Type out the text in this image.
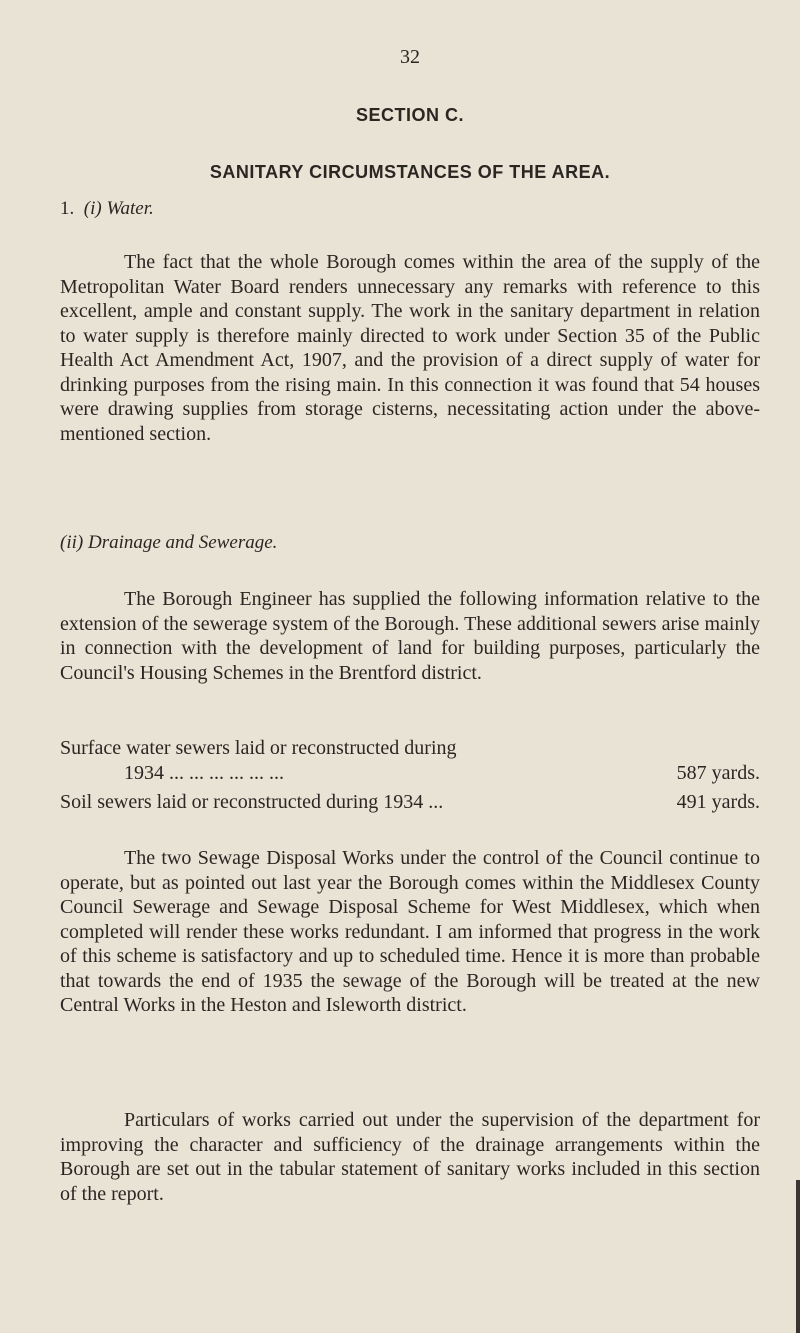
32
SECTION C.
SANITARY CIRCUMSTANCES OF THE AREA.
1. (i) Water.

The fact that the whole Borough comes within the area of the supply of the Metropolitan Water Board renders unnecessary any remarks with reference to this excellent, ample and constant supply. The work in the sanitary department in relation to water supply is therefore mainly directed to work under Section 35 of the Public Health Act Amendment Act, 1907, and the provision of a direct supply of water for drinking purposes from the rising main. In this connection it was found that 54 houses were drawing supplies from storage cisterns, necessitating action under the above-mentioned section.

(ii) Drainage and Sewerage.

The Borough Engineer has supplied the following information relative to the extension of the sewerage system of the Borough. These additional sewers arise mainly in connection with the development of land for building purposes, particularly the Council's Housing Schemes in the Brentford district.

Surface water sewers laid or reconstructed during
1934 ... ... ... ... ... ...	587 yards.
Soil sewers laid or reconstructed during 1934 ...	491 yards.

The two Sewage Disposal Works under the control of the Council continue to operate, but as pointed out last year the Borough comes within the Middlesex County Council Sewerage and Sewage Disposal Scheme for West Middlesex, which when completed will render these works redundant. I am informed that progress in the work of this scheme is satisfactory and up to scheduled time. Hence it is more than probable that towards the end of 1935 the sewage of the Borough will be treated at the new Central Works in the Heston and Isleworth district.

Particulars of works carried out under the supervision of the department for improving the character and sufficiency of the drainage arrangements within the Borough are set out in the tabular statement of sanitary works included in this section of the report.
